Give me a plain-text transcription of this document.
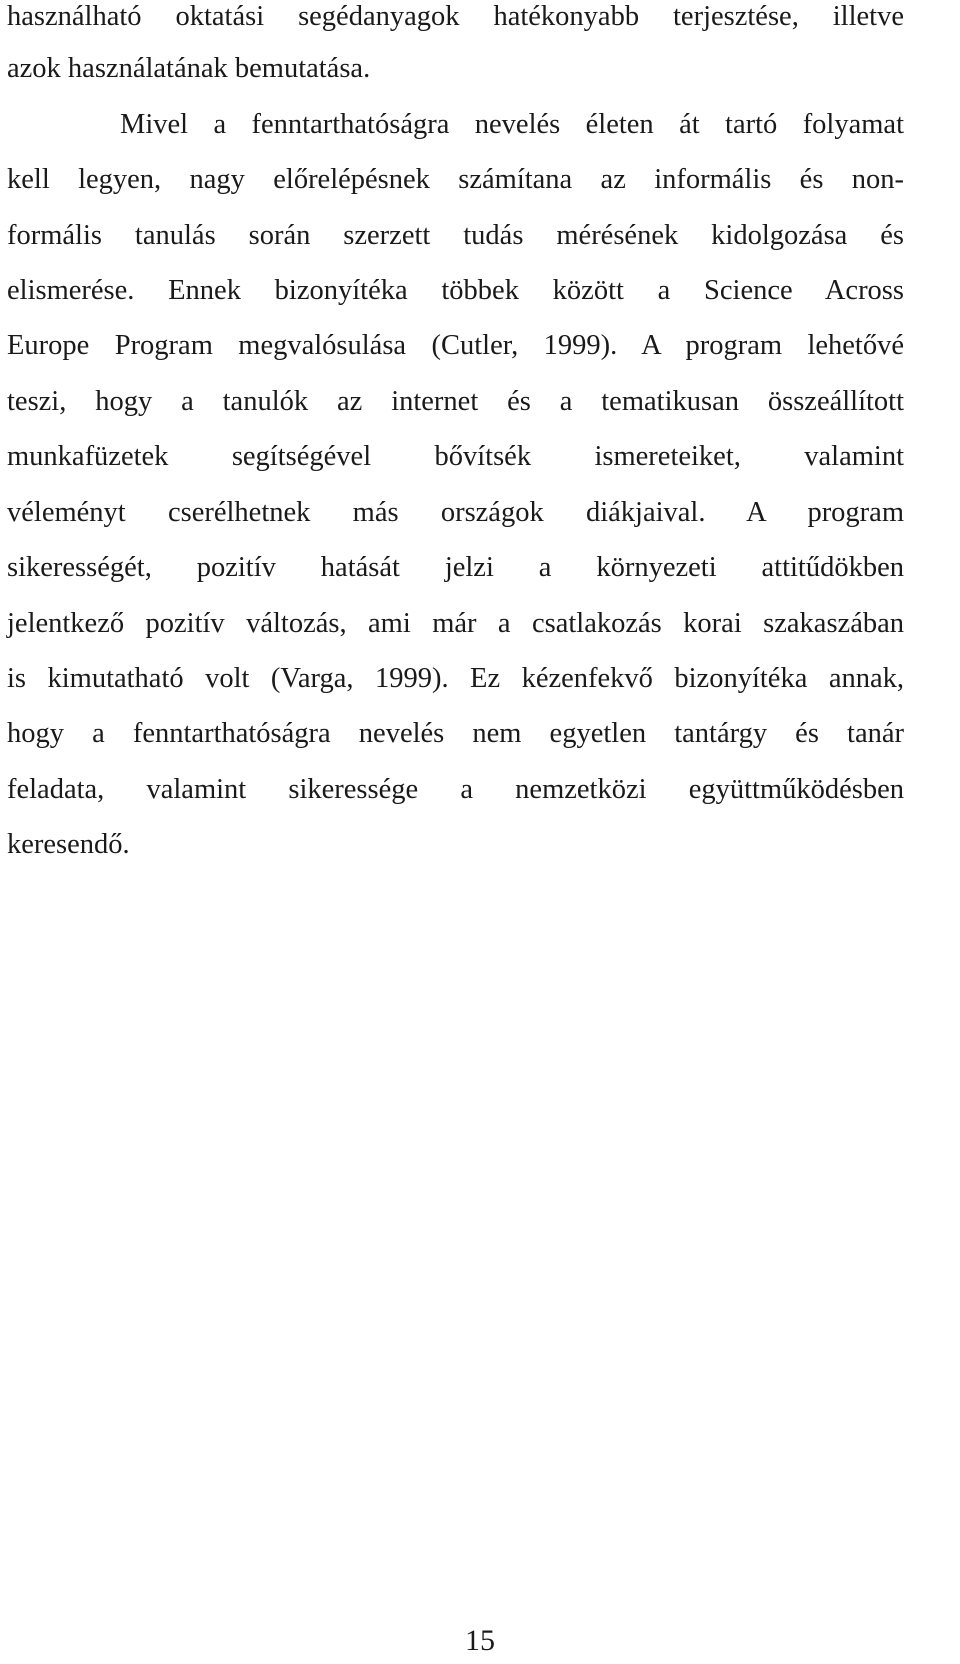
használható oktatási segédanyagok hatékonyabb terjesztése, illetve
azok használatának bemutatása.
Mivel a fenntarthatóságra nevelés életen át tartó folyamat
kell legyen, nagy előrelépésnek számítana az informális és non-
formális tanulás során szerzett tudás mérésének kidolgozása és
elismerése. Ennek bizonyítéka többek között a Science Across
Europe Program megvalósulása (Cutler, 1999). A program lehetővé
teszi, hogy a tanulók az internet és a tematikusan összeállított
munkafüzetek segítségével bővítsék ismereteiket, valamint
véleményt cserélhetnek más országok diákjaival. A program
sikerességét, pozitív hatását jelzi a környezeti attitűdökben
jelentkező pozitív változás, ami már a csatlakozás korai szakaszában
is kimutatható volt (Varga, 1999). Ez kézenfekvő bizonyítéka annak,
hogy a fenntarthatóságra nevelés nem egyetlen tantárgy és tanár
feladata, valamint sikeressége a nemzetközi együttműködésben
keresendő.
15
